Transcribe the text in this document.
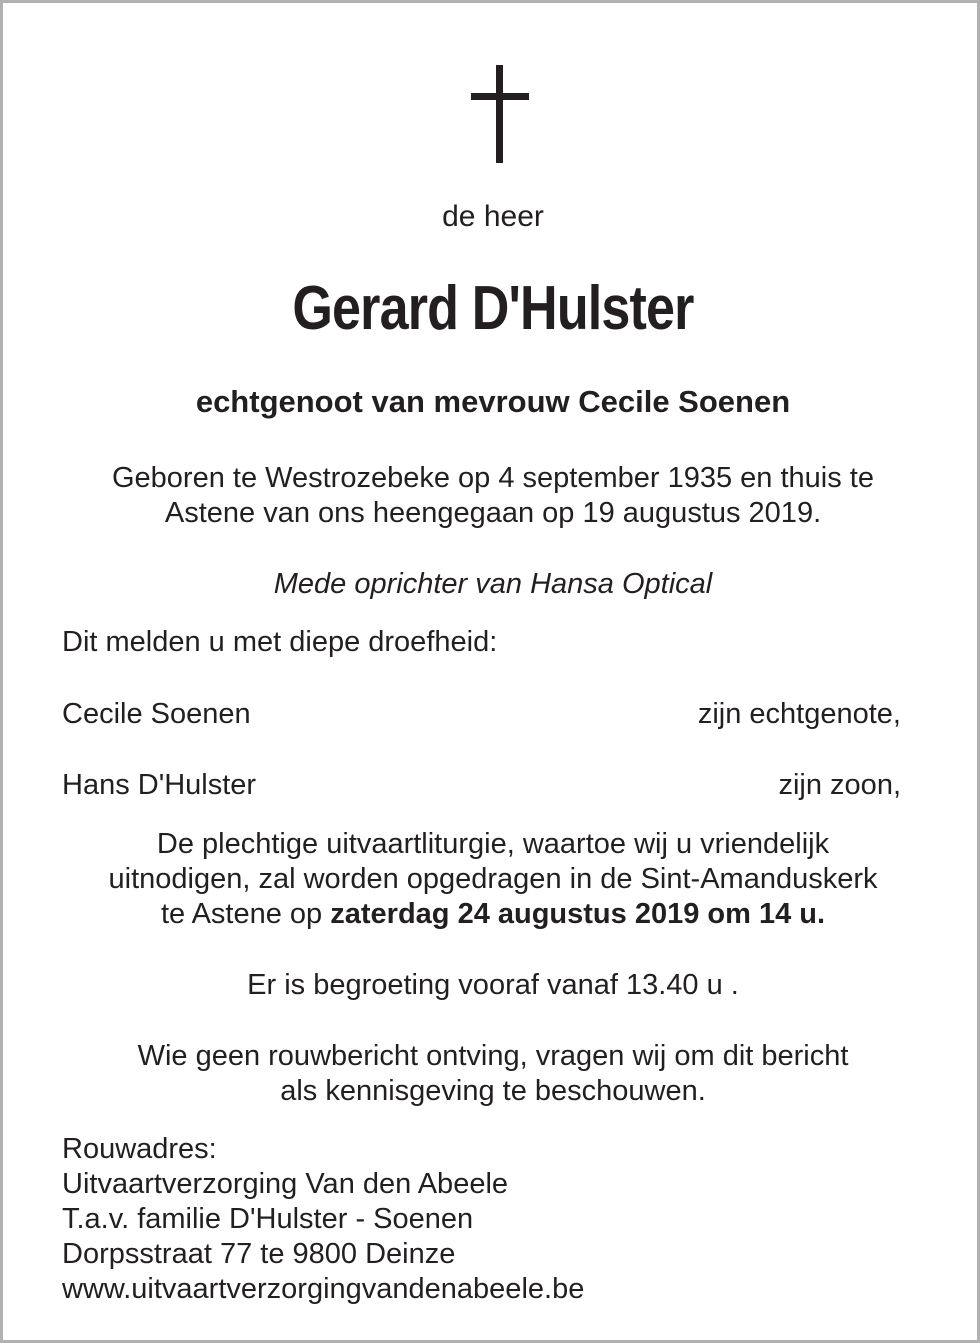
de heer
Gerard D'Hulster
echtgenoot van mevrouw Cecile Soenen
Geboren te Westrozebeke op 4 september 1935 en thuis te
Astene van ons heengegaan op 19 augustus 2019.
Mede oprichter van Hansa Optical
Dit melden u met diepe droefheid:
Cecile Soenen	zijn echtgenote,
Hans D'Hulster	zijn zoon,
De plechtige uitvaartliturgie, waartoe wij u vriendelijk
uitnodigen, zal worden opgedragen in de Sint-Amanduskerk
te Astene op zaterdag 24 augustus 2019 om 14 u.
Er is begroeting vooraf vanaf 13.40 u .
Wie geen rouwbericht ontving, vragen wij om dit bericht
als kennisgeving te beschouwen.
Rouwadres:
Uitvaartverzorging Van den Abeele
T.a.v. familie D'Hulster - Soenen
Dorpsstraat 77 te 9800 Deinze
www.uitvaartverzorgingvandenabeele.be
